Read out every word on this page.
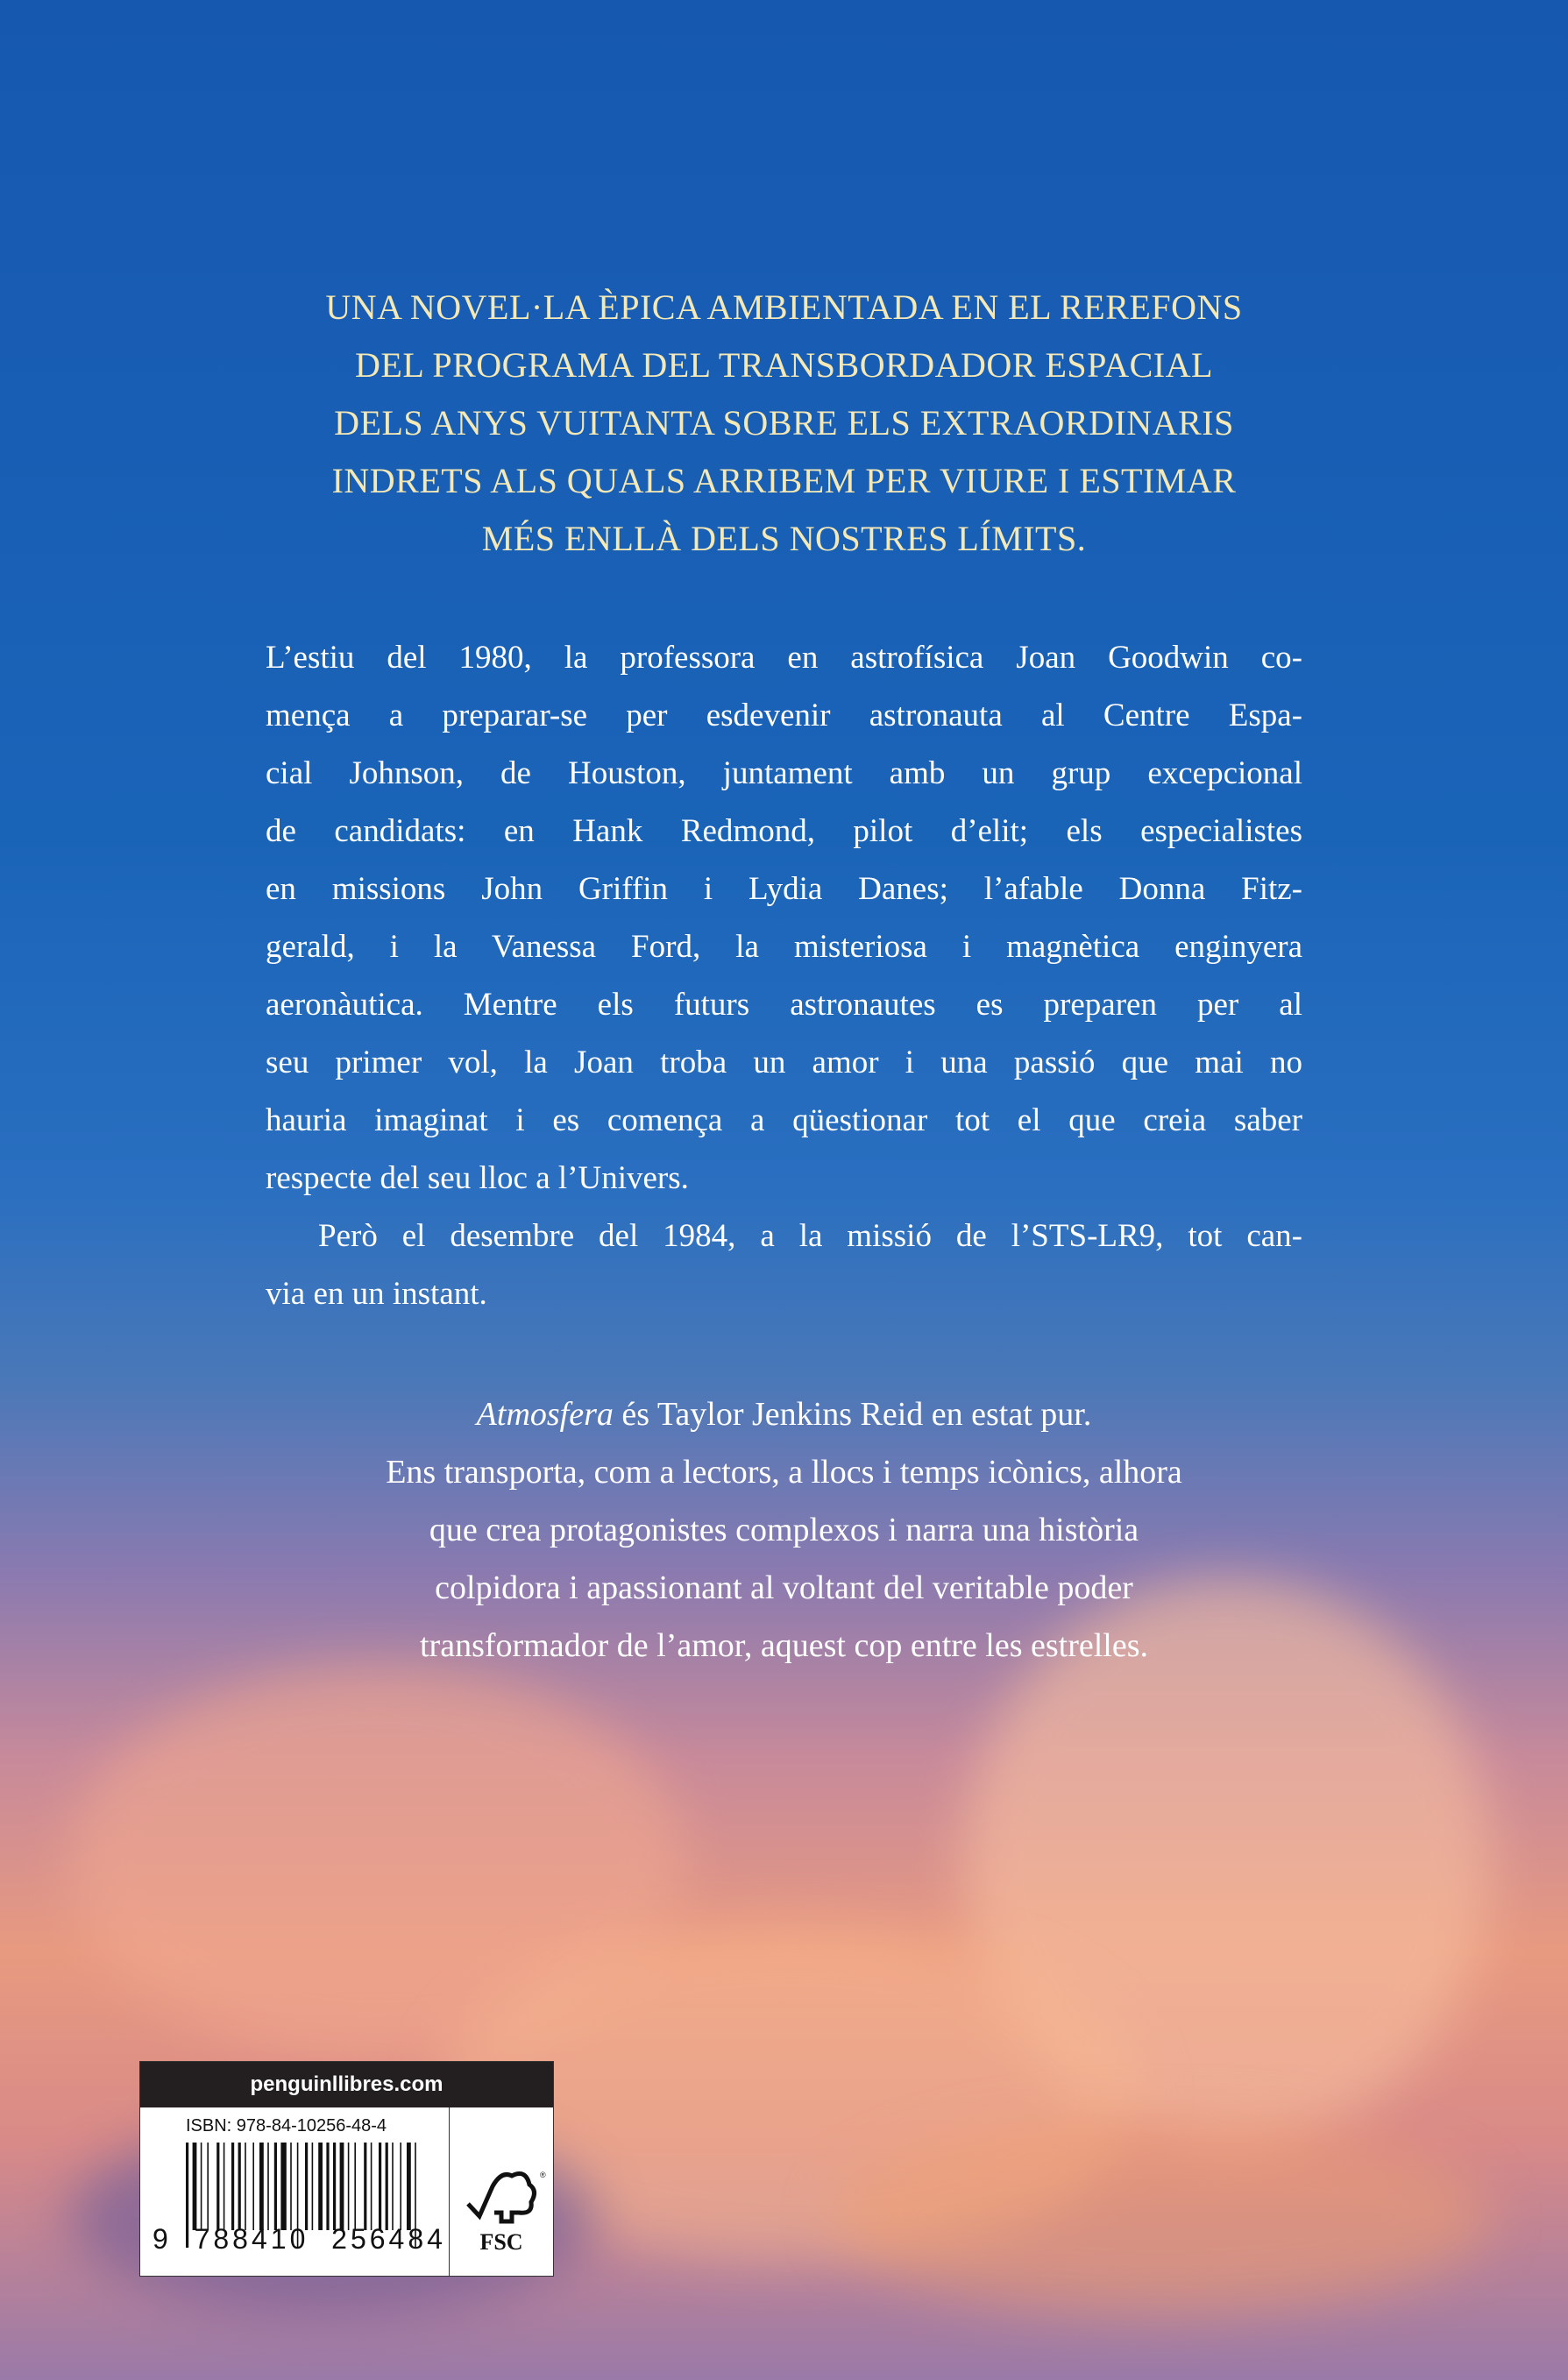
UNA NOVEL·LA ÈPICA AMBIENTADA EN EL REREFONS
DEL PROGRAMA DEL TRANSBORDADOR ESPACIAL
DELS ANYS VUITANTA SOBRE ELS EXTRAORDINARIS
INDRETS ALS QUALS ARRIBEM PER VIURE I ESTIMAR
MÉS ENLLÀ DELS NOSTRES LÍMITS.
L’estiu del 1980, la professora en astrofísica Joan Goodwin co-
mença a preparar-se per esdevenir astronauta al Centre Espa-
cial Johnson, de Houston, juntament amb un grup excepcional
de candidats: en Hank Redmond, pilot d’elit; els especialistes
en missions John Griffin i Lydia Danes; l’afable Donna Fitz-
gerald, i la Vanessa Ford, la misteriosa i magnètica enginyera
aeronàutica. Mentre els futurs astronautes es preparen per al
seu primer vol, la Joan troba un amor i una passió que mai no
hauria imaginat i es comença a qüestionar tot el que creia saber
respecte del seu lloc a l’Univers.
Però el desembre del 1984, a la missió de l’STS-LR9, tot can-
via en un instant.
Atmosfera és Taylor Jenkins Reid en estat pur.
Ens transporta, com a lectors, a llocs i temps icònics, alhora
que crea protagonistes complexos i narra una història
colpidora i apassionant al voltant del veritable poder
transformador de l’amor, aquest cop entre les estrelles.
penguinllibres.com
ISBN: 978-84-10256-48-4
9  788410  256484 FSC
®
